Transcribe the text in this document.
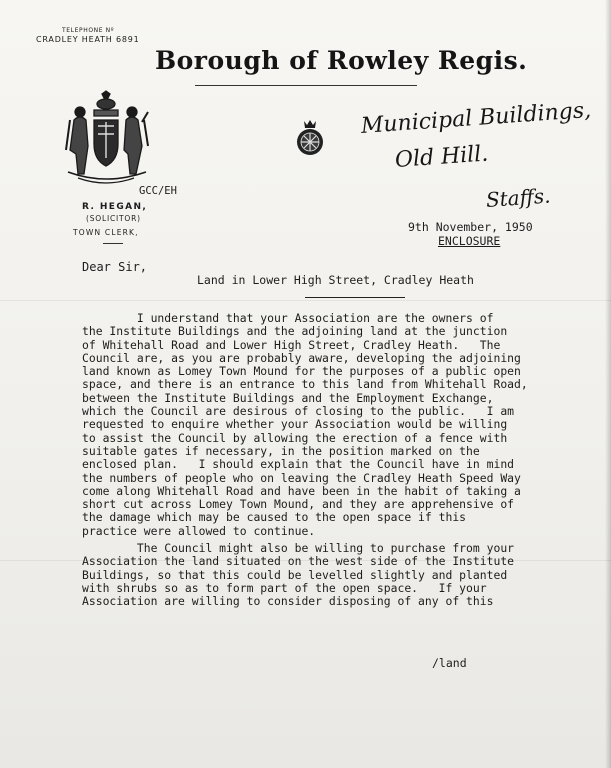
TELEPHONE Nº
CRADLEY HEATH 6891
Borough of Rowley Regis.
Municipal Buildings,
Old Hill.
Staffs.
GCC/EH
R. HEGAN,
(SOLICITOR)
TOWN CLERK,	9th November, 1950
ENCLOSURE
Dear Sir,
Land in Lower High Street, Cradley Heath
I understand that your Association are the owners of
the Institute Buildings and the adjoining land at the junction
of Whitehall Road and Lower High Street, Cradley Heath.   The
Council are, as you are probably aware, developing the adjoining
land known as Lomey Town Mound for the purposes of a public open
space, and there is an entrance to this land from Whitehall Road,
between the Institute Buildings and the Employment Exchange,
which the Council are desirous of closing to the public.   I am
requested to enquire whether your Association would be willing
to assist the Council by allowing the erection of a fence with
suitable gates if necessary, in the position marked on the
enclosed plan.   I should explain that the Council have in mind
the numbers of people who on leaving the Cradley Heath Speed Way
come along Whitehall Road and have been in the habit of taking a
short cut across Lomey Town Mound, and they are apprehensive of
the damage which may be caused to the open space if this
practice were allowed to continue.
The Council might also be willing to purchase from your
Association the land situated on the west side of the Institute
Buildings, so that this could be levelled slightly and planted
with shrubs so as to form part of the open space.   If your
Association are willing to consider disposing of any of this
/land
